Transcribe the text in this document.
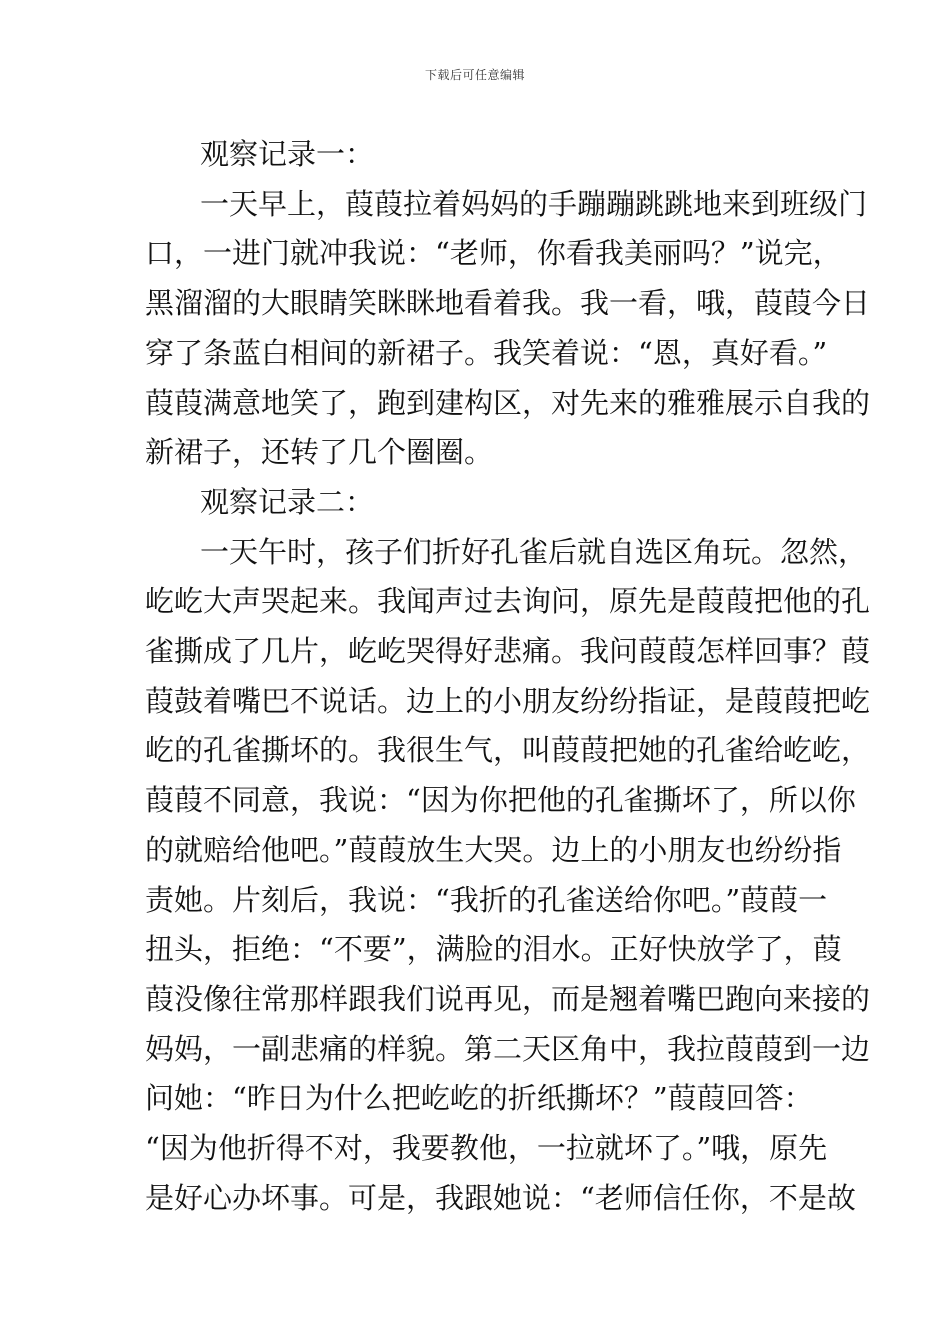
下载后可任意编辑
观察记录一：
一天早上，葭葭拉着妈妈的手蹦蹦跳跳地来到班级门
口，一进门就冲我说：“老师，你看我美丽吗？”说完，
黑溜溜的大眼睛笑眯眯地看着我。我一看，哦，葭葭今日
穿了条蓝白相间的新裙子。我笑着说：“恩，真好看。”
葭葭满意地笑了，跑到建构区，对先来的雅雅展示自我的
新裙子，还转了几个圈圈。
观察记录二：
一天午时，孩子们折好孔雀后就自选区角玩。忽然，
屹屹大声哭起来。我闻声过去询问，原先是葭葭把他的孔
雀撕成了几片，屹屹哭得好悲痛。我问葭葭怎样回事？葭
葭鼓着嘴巴不说话。边上的小朋友纷纷指证，是葭葭把屹
屹的孔雀撕坏的。我很生气，叫葭葭把她的孔雀给屹屹，
葭葭不同意，我说：“因为你把他的孔雀撕坏了，所以你
的就赔给他吧。”葭葭放生大哭。边上的小朋友也纷纷指
责她。片刻后，我说：“我折的孔雀送给你吧。”葭葭一
扭头，拒绝：“不要”，满脸的泪水。正好快放学了，葭
葭没像往常那样跟我们说再见，而是翘着嘴巴跑向来接的
妈妈，一副悲痛的样貌。第二天区角中，我拉葭葭到一边
问她：“昨日为什么把屹屹的折纸撕坏？”葭葭回答：
“因为他折得不对，我要教他，一拉就坏了。”哦，原先
是好心办坏事。可是，我跟她说：“老师信任你，不是故
